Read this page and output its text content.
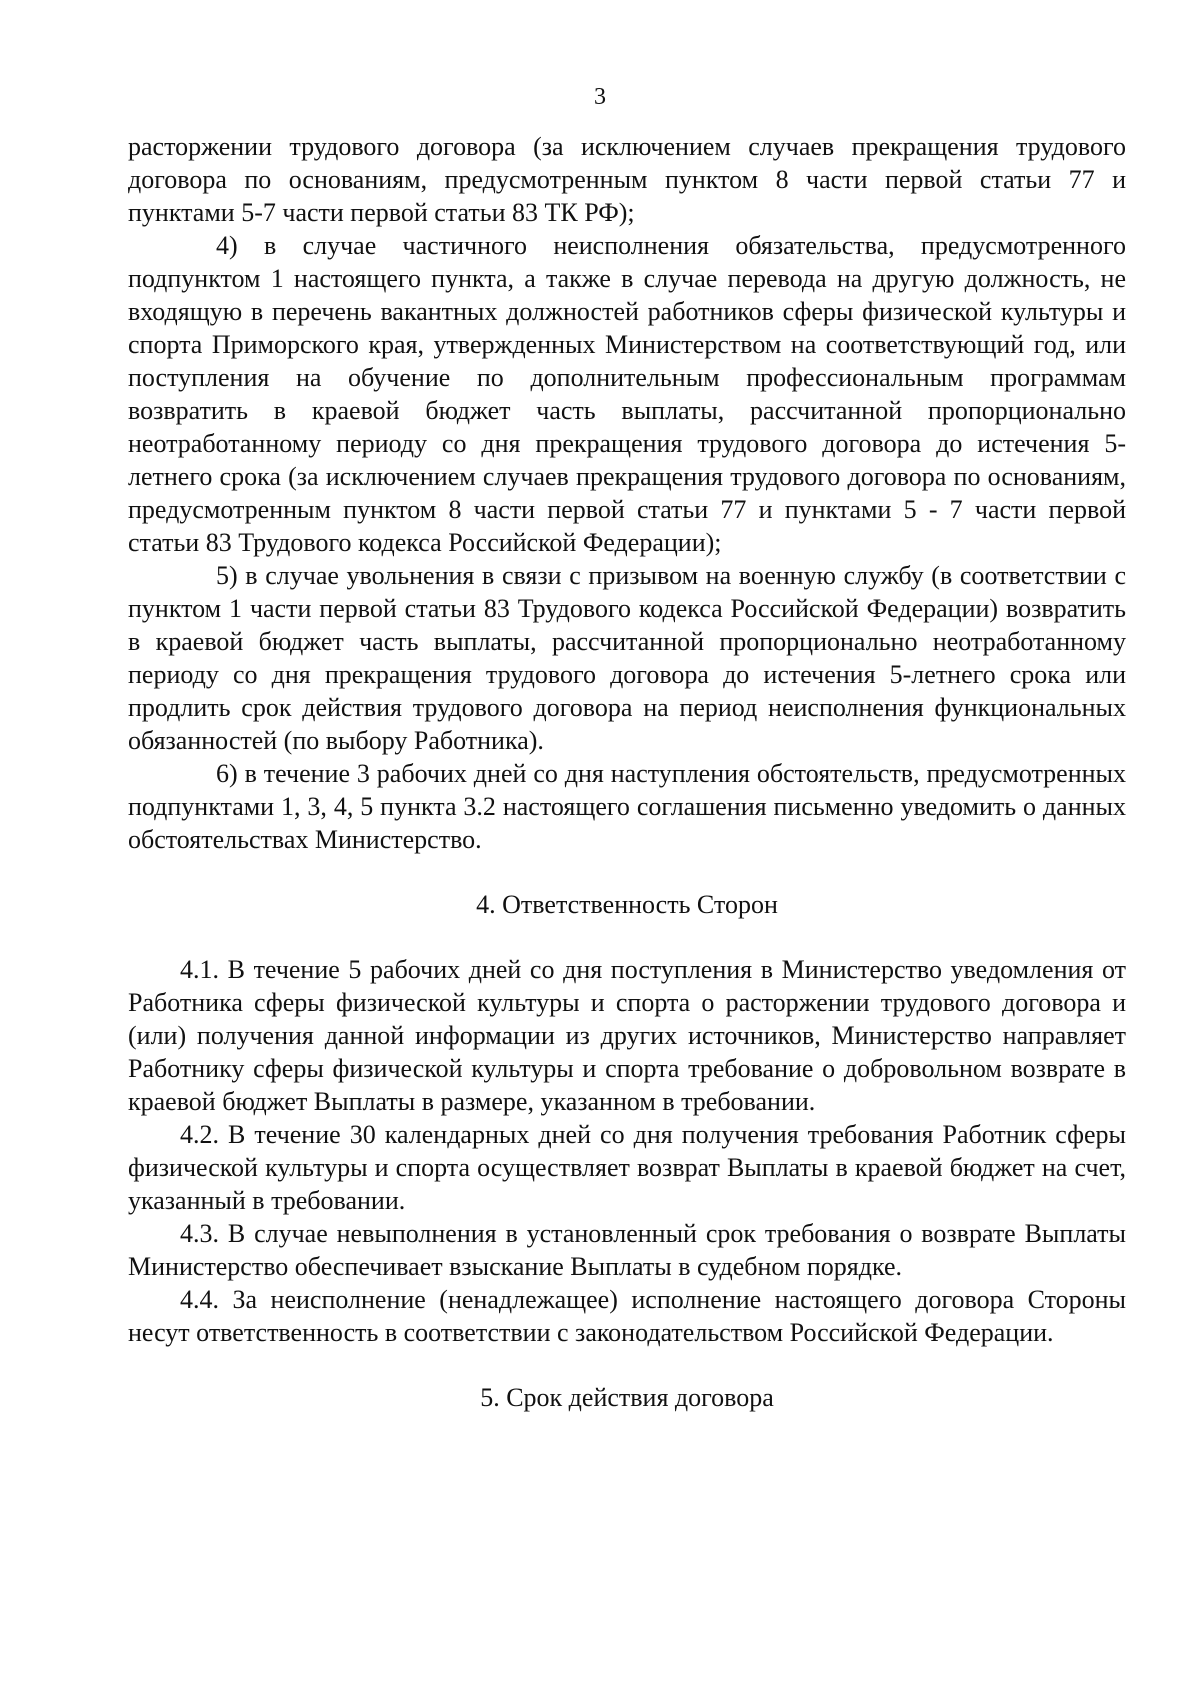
3

расторжении трудового договора (за исключением случаев прекращения трудового договора по основаниям, предусмотренным пунктом 8 части первой статьи 77 и пунктами 5-7 части первой статьи 83 ТК РФ);

4) в случае частичного неисполнения обязательства, предусмотренного подпунктом 1 настоящего пункта, а также в случае перевода на другую должность, не входящую в перечень вакантных должностей работников сферы физической культуры и спорта Приморского края, утвержденных Министерством на соответствующий год, или поступления на обучение по дополнительным профессиональным программам возвратить в краевой бюджет часть выплаты, рассчитанной пропорционально неотработанному периоду со дня прекращения трудового договора до истечения 5-летнего срока (за исключением случаев прекращения трудового договора по основаниям, предусмотренным пунктом 8 части первой статьи 77 и пунктами 5 - 7 части первой статьи 83 Трудового кодекса Российской Федерации);

5) в случае увольнения в связи с призывом на военную службу (в соответствии с пунктом 1 части первой статьи 83 Трудового кодекса Российской Федерации) возвратить в краевой бюджет часть выплаты, рассчитанной пропорционально неотработанному периоду со дня прекращения трудового договора до истечения 5-летнего срока или продлить срок действия трудового договора на период неисполнения функциональных обязанностей (по выбору Работника).

6) в течение 3 рабочих дней со дня наступления обстоятельств, предусмотренных подпунктами 1, 3, 4, 5 пункта 3.2 настоящего соглашения письменно уведомить о данных обстоятельствах Министерство.

4. Ответственность Сторон

4.1. В течение 5 рабочих дней со дня поступления в Министерство уведомления от Работника сферы физической культуры и спорта о расторжении трудового договора и (или) получения данной информации из других источников, Министерство направляет Работнику сферы физической культуры и спорта требование о добровольном возврате в краевой бюджет Выплаты в размере, указанном в требовании.

4.2. В течение 30 календарных дней со дня получения требования Работник сферы физической культуры и спорта осуществляет возврат Выплаты в краевой бюджет на счет, указанный в требовании.

4.3. В случае невыполнения в установленный срок требования о возврате Выплаты Министерство обеспечивает взыскание Выплаты в судебном порядке.

4.4. За неисполнение (ненадлежащее) исполнение настоящего договора Стороны несут ответственность в соответствии с законодательством Российской Федерации.

5. Срок действия договора
